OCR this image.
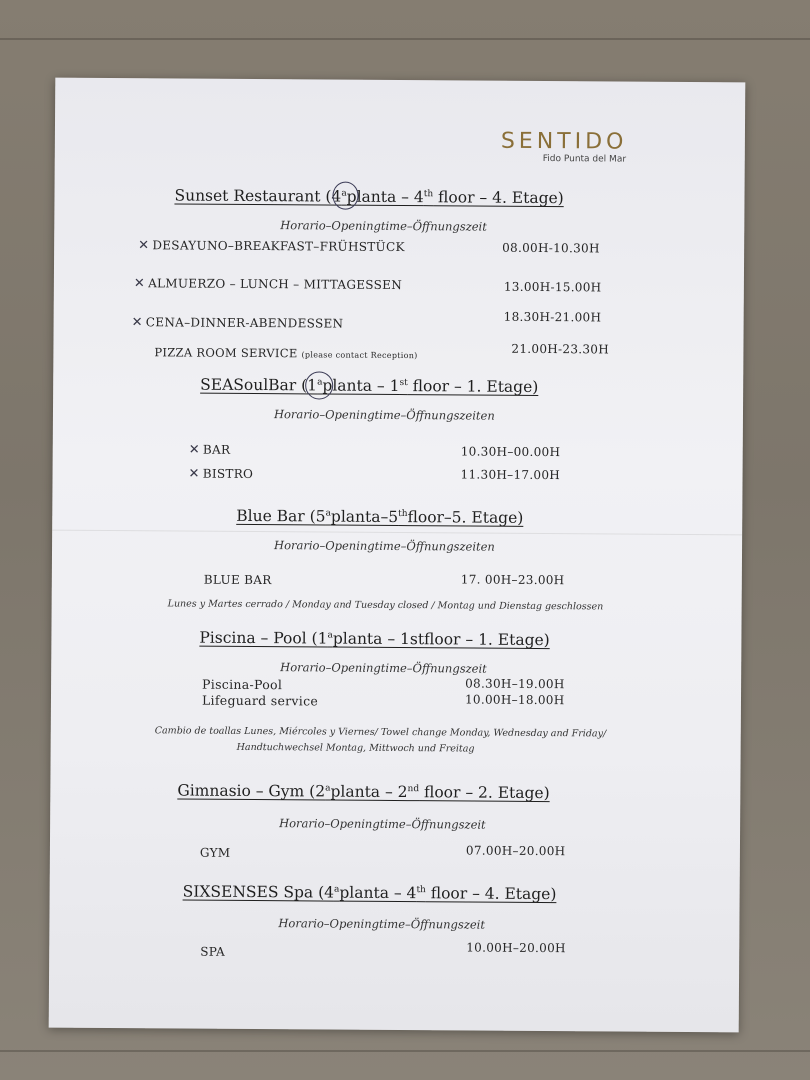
SENTIDO
Fido Punta del Mar
Sunset Restaurant (4$^a$planta – 4th floor – 4. Etage)
Horario–Openingtime–Öffnungszeit
✕ DESAYUNO–BREAKFAST–FRÜHSTÜCK	08.00H-10.30H
✕ ALMUERZO – LUNCH – MITTAGESSEN	13.00H-15.00H
✕ CENA–DINNER-ABENDESSEN	18.30H-21.00H
PIZZA ROOM SERVICE (please contact Reception)	21.00H-23.30H
SEASoulBar (1$^a$planta – 1st floor – 1. Etage)
Horario–Openingtime–Öffnungszeiten
✕ BAR	10.30H–00.00H
✕ BISTRO	11.30H–17.00H
Blue Bar (5$^a$planta–5thfloor–5. Etage)
Horario–Openingtime–Öffnungszeiten
BLUE BAR	17. 00H–23.00H
Lunes y Martes cerrado / Monday and Tuesday closed / Montag und Dienstag geschlossen
Piscina – Pool (1$^a$planta – 1stfloor – 1. Etage)
Horario–Openingtime–Öffnungszeit
Piscina-Pool	08.30H–19.00H
Lifeguard service	10.00H–18.00H
Cambio de toallas Lunes, Miércoles y Viernes/ Towel change Monday, Wednesday and Friday/
Handtuchwechsel Montag, Mittwoch und Freitag
Gimnasio – Gym (2$^a$planta – 2nd floor – 2. Etage)
Horario–Openingtime–Öffnungszeit
GYM	07.00H–20.00H
SIXSENSES Spa (4$^a$planta – 4th floor – 4. Etage)
Horario–Openingtime–Öffnungszeit
SPA	10.00H–20.00H
